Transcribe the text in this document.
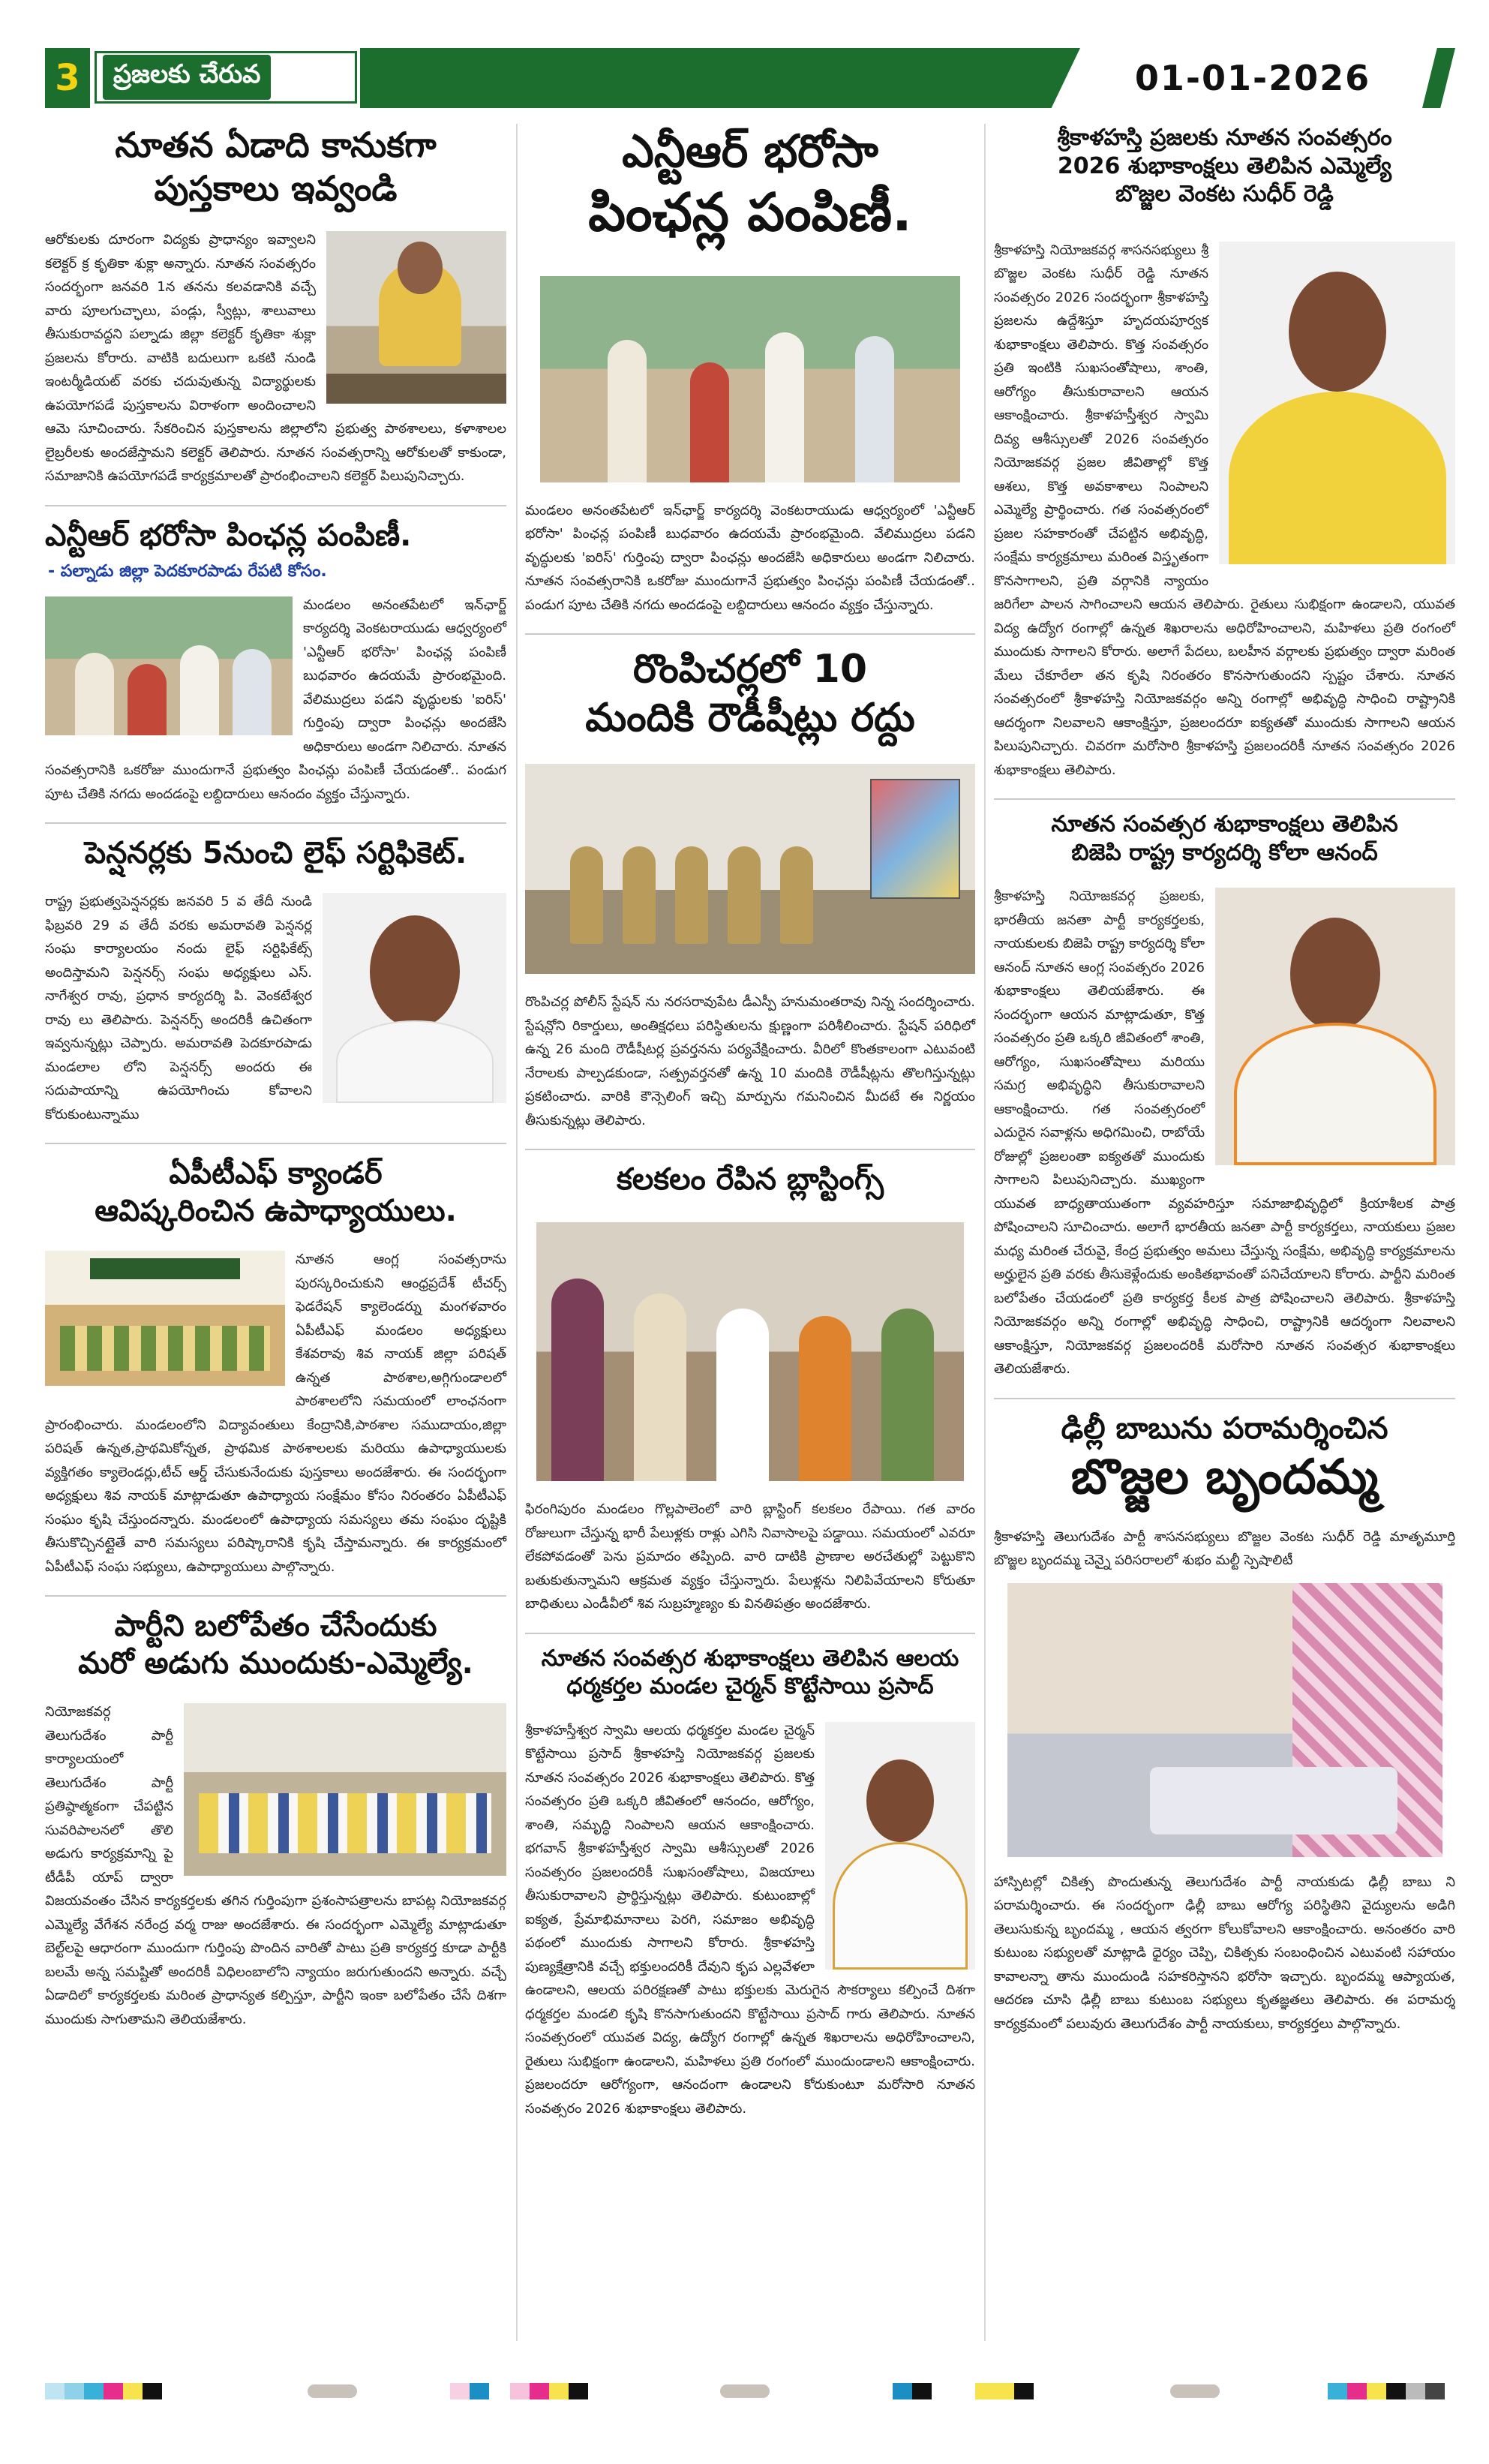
3	ప్రజలకు చేరువ	01-01-2026
నూతన ఏడాది కానుకగా
పుస్తకాలు ఇవ్వండి

ఆరోకులకు దూరంగా విద్యకు ప్రాధాన్యం ఇవ్వాలని కలెక్టర్ క్ర కృతికా శుక్లా అన్నారు. నూతన సంవత్సరం సందర్భంగా జనవరి 1న తనను కలవడానికి వచ్చే వారు పూలగుచ్ఛాలు, పండ్లు, స్వీట్లు, శాలువాలు తీసుకురావద్దని పల్నాడు జిల్లా కలెక్టర్ కృతికా శుక్లా ప్రజలను కోరారు. వాటికి బదులుగా ఒకటి నుండి ఇంటర్మీడియట్ వరకు చదువుతున్న విద్యార్థులకు ఉపయోగపడే పుస్తకాలను విరాళంగా అందించాలని ఆమె సూచించారు. సేకరించిన పుస్తకాలను జిల్లాలోని ప్రభుత్వ పాఠశాలలు, కళాశాలల లైబ్రరీలకు అందజేస్తామని కలెక్టర్ తెలిపారు. నూతన సంవత్సరాన్ని ఆరోకులతో కాకుండా, సమాజానికి ఉపయోగపడే కార్యక్రమాలతో ప్రారంభించాలని కలెక్టర్ పిలుపునిచ్చారు.

ఎన్టీఆర్ భరోసా పింఛన్ల పంపిణీ.
- పల్నాడు జిల్లా పెదకూరపాడు రేపటి కోసం.

మండలం అనంతపేటలో ఇన్‌ఛార్జ్ కార్యదర్శి వెంకటరాయుడు ఆధ్వర్యంలో 'ఎన్టీఆర్ భరోసా' పింఛన్ల పంపిణీ బుధవారం ఉదయమే ప్రారంభమైంది. వేలిముద్రలు పడని వృద్ధులకు 'ఐరిస్' గుర్తింపు ద్వారా పింఛన్లు అందజేసి అధికారులు అండగా నిలిచారు. నూతన సంవత్సరానికి ఒకరోజు ముందుగానే ప్రభుత్వం పింఛన్లు పంపిణీ చేయడంతో.. పండుగ పూట చేతికి నగదు అందడంపై లబ్దిదారులు ఆనందం వ్యక్తం చేస్తున్నారు.

పెన్షనర్లకు 5నుంచి లైఫ్ సర్టిఫికెట్.

రాష్ట్ర ప్రభుత్వపెన్షనర్లకు జనవరి 5 వ తేదీ నుండి ఫిబ్రవరి 29 వ తేదీ వరకు అమరావతి పెన్షనర్ల సంఘ కార్యాలయం నందు లైఫ్ సర్టిఫికేట్స్ అందిస్తామని పెన్షనర్స్ సంఘ అధ్యక్షులు ఎస్. నాగేశ్వర రావు, ప్రధాన కార్యదర్శి పి. వెంకటేశ్వర రావు లు తెలిపారు. పెన్షనర్స్ అందరికీ ఉచితంగా ఇవ్వనున్నట్లు చెప్పారు. అమరావతి పెదకూరపాడు మండలాల లోని పెన్షనర్స్ అందరు ఈ సదుపాయాన్ని ఉపయోగించు కోవాలని కోరుకుంటున్నాము

ఏపీటీఎఫ్ క్యాండర్
ఆవిష్కరించిన ఉపాధ్యాయులు.

నూతన ఆంగ్ల సంవత్సరాను పురస్కరించుకుని ఆంధ్రప్రదేశ్ టీచర్స్ ఫెడరేషన్ క్యాలెండర్ను మంగళవారం ఏపీటీఎఫ్ మండలం అధ్యక్షులు కేశవరావు శివ నాయక్ జిల్లా పరిషత్ ఉన్నత పాఠశాల,అగ్గిగుండాలలో పాఠశాలలోని సమయంలో లాంఛనంగా ప్రారంభించారు. మండలంలోని విద్యావంతులు కేంద్రానికి,పాఠశాల సముదాయం,జిల్లా పరిషత్ ఉన్నత,ప్రాథమికోన్నత, ప్రాథమిక పాఠశాలలకు మరియు ఉపాధ్యాయులకు వ్యక్తిగతం క్యాలెండర్లు,టీచ్ ఆర్డ్ చేసుకునేందుకు పుస్తకాలు అందజేశారు. ఈ సందర్భంగా అధ్యక్షులు శివ నాయక్ మాట్లాడుతూ ఉపాధ్యాయ సంక్షేమం కోసం నిరంతరం ఏపీటీఎఫ్ సంఘం కృషి చేస్తుందన్నారు. మండలంలో ఉపాధ్యాయ సమస్యలు తమ సంఘం దృష్టికి తీసుకొచ్చినట్లైతే వారి సమస్యలు పరిష్కారానికి కృషి చేస్తామన్నారు. ఈ కార్యక్రమంలో ఏపీటీఎఫ్ సంఘ సభ్యులు, ఉపాధ్యాయులు పాల్గొన్నారు.

పార్టీని బలోపేతం చేసేందుకు
మరో అడుగు ముందుకు-ఎమ్మెల్యే.

నియోజకవర్గ తెలుగుదేశం పార్టీ కార్యాలయంలో తెలుగుదేశం పార్టీ ప్రతిష్ఠాత్మకంగా చేపట్టిన సువరిపాలనలో తొలి అడుగు కార్యక్రమాన్ని పై టీడీపీ యాప్ ద్వారా విజయవంతం చేసిన కార్యకర్తలకు తగిన గుర్తింపుగా ప్రశంసాపత్రాలను బాపట్ల నియోజకవర్గ ఎమ్మెల్యే వేగేశన నరేంద్ర వర్మ రాజు అందజేశారు. ఈ సందర్భంగా ఎమ్మెల్యే మాట్లాడుతూ బెల్ట్‌లపై ఆధారంగా ముందుగా గుర్తింపు పొందిన వారితో పాటు ప్రతి కార్యకర్త కూడా పార్టీకి బలమే అన్న సమష్టితో అందరికీ విధిలంబాలోని న్యాయం జరుగుతుందని అన్నారు. వచ్చే ఏడాదిలో కార్యకర్తలకు మరింత ప్రాధాన్యత కల్పిస్తూ, పార్టీని ఇంకా బలోపేతం చేసే దిశగా ముందుకు సాగుతామని తెలియజేశారు.

ఎన్టీఆర్ భరోసా
పింఛన్ల పంపిణీ.

మండలం అనంతపేటలో ఇన్‌ఛార్జ్ కార్యదర్శి వెంకటరాయుడు ఆధ్వర్యంలో 'ఎన్టీఆర్ భరోసా' పింఛన్ల పంపిణీ బుధవారం ఉదయమే ప్రారంభమైంది. వేలిముద్రలు పడని వృద్ధులకు 'ఐరిస్' గుర్తింపు ద్వారా పింఛన్లు అందజేసి అధికారులు అండగా నిలిచారు. నూతన సంవత్సరానికి ఒకరోజు ముందుగానే ప్రభుత్వం పింఛన్లు పంపిణీ చేయడంతో.. పండుగ పూట చేతికి నగదు అందడంపై లబ్దిదారులు ఆనందం వ్యక్తం చేస్తున్నారు.

రొంపిచర్లలో 10
మందికి రౌడీషీట్లు రద్దు

రొంపిచర్ల పోలీస్ స్టేషన్ ను నరసరావుపేట డీఎస్పీ హనుమంతరావు నిన్న సందర్శించారు. స్టేషన్లోని రికార్డులు, అంతిక్షధలు పరిస్థితులను క్షుణ్ణంగా పరిశీలించారు. స్టేషన్ పరిధిలో ఉన్న 26 మంది రౌడీషీటర్ల ప్రవర్తనను పర్యవేక్షించారు. వీరిలో కొంతకాలంగా ఎటువంటి నేరాలకు పాల్పడకుండా, సత్ప్రవర్తనతో ఉన్న 10 మందికి రౌడీషీట్లను తొలగిస్తున్నట్లు ప్రకటించారు. వారికి కౌన్సెలింగ్ ఇచ్చి మార్పును గమనించిన మీదటే ఈ నిర్ణయం తీసుకున్నట్లు తెలిపారు.

కలకలం రేపిన బ్లాస్టింగ్స్

ఫిరంగిపురం మండలం గొల్లపాలెంలో వారి బ్లాస్టింగ్ కలకలం రేపాయి. గత వారం రోజులుగా చేస్తున్న భారీ పేలుళ్లకు రాళ్లు ఎగిసి నివాసాలపై పడ్డాయి. సమయంలో ఎవరూ లేకపోవడంతో పెను ప్రమాదం తప్పింది. వారి దాటికి ప్రాణాల అరచేతుల్లో పెట్టుకొని బతుకుతున్నామని ఆక్రమత వ్యక్తం చేస్తున్నారు. పేలుళ్లను నిలిపివేయాలని కోరుతూ బాధితులు ఎండీవీలో శివ సుబ్రహ్మణ్యం కు వినతిపత్రం అందజేశారు.

నూతన సంవత్సర శుభాకాంక్షలు తెలిపిన ఆలయ
ధర్మకర్తల మండల చైర్మన్ కొట్టేసాయి ప్రసాద్

శ్రీకాళహస్తీశ్వర స్వామి ఆలయ ధర్మకర్తల మండల చైర్మన్ కొట్టేసాయి ప్రసాద్ శ్రీకాళహస్తి నియోజకవర్గ ప్రజలకు నూతన సంవత్సరం 2026 శుభాకాంక్షలు తెలిపారు. కొత్త సంవత్సరం ప్రతి ఒక్కరి జీవితంలో ఆనందం, ఆరోగ్యం, శాంతి, సమృద్ధి నింపాలని ఆయన ఆకాంక్షించారు. భగవాన్ శ్రీకాళహస్తీశ్వర స్వామి ఆశీస్సులతో 2026 సంవత్సరం ప్రజలందరికీ సుఖసంతోషాలు, విజయాలు తీసుకురావాలని ప్రార్థిస్తున్నట్లు తెలిపారు. కుటుంబాల్లో ఐక్యత, ప్రేమాభిమానాలు పెరగి, సమాజం అభివృద్ధి పథంలో ముందుకు సాగాలని కోరారు. శ్రీకాళహస్తి పుణ్యక్షేత్రానికి వచ్చే భక్తులందరికీ దేవుని కృప ఎల్లవేళలా ఉండాలని, ఆలయ పరిరక్షణతో పాటు భక్తులకు మెరుగైన సౌకర్యాలు కల్పించే దిశగా ధర్మకర్తల మండలి కృషి కొనసాగుతుందని కొట్టేసాయి ప్రసాద్ గారు తెలిపారు. నూతన సంవత్సరంలో యువత విద్య, ఉద్యోగ రంగాల్లో ఉన్నత శిఖరాలను అధిరోహించాలని, రైతులు సుభిక్షంగా ఉండాలని, మహిళలు ప్రతి రంగంలో ముందుండాలని ఆకాంక్షించారు. ప్రజలందరూ ఆరోగ్యంగా, ఆనందంగా ఉండాలని కోరుకుంటూ మరోసారి నూతన సంవత్సరం 2026 శుభాకాంక్షలు తెలిపారు.

శ్రీకాళహస్తి ప్రజలకు నూతన సంవత్సరం
2026 శుభాకాంక్షలు తెలిపిన ఎమ్మెల్యే
బొజ్జల వెంకట సుధీర్ రెడ్డి

శ్రీకాళహస్తి నియోజకవర్గ శాసనసభ్యులు శ్రీ బొజ్జల వెంకట సుధీర్ రెడ్డి నూతన సంవత్సరం 2026 సందర్భంగా శ్రీకాళహస్తి ప్రజలను ఉద్దేశిస్తూ హృదయపూర్వక శుభాకాంక్షలు తెలిపారు. కొత్త సంవత్సరం ప్రతి ఇంటికి సుఖసంతోషాలు, శాంతి, ఆరోగ్యం తీసుకురావాలని ఆయన ఆకాంక్షించారు. శ్రీకాళహస్తీశ్వర స్వామి దివ్య ఆశీస్సులతో 2026 సంవత్సరం నియోజకవర్గ ప్రజల జీవితాల్లో కొత్త ఆశలు, కొత్త అవకాశాలు నింపాలని ఎమ్మెల్యే ప్రార్థించారు. గత సంవత్సరంలో ప్రజల సహకారంతో చేపట్టిన అభివృద్ధి, సంక్షేమ కార్యక్రమాలు మరింత విస్తృతంగా కొనసాగాలని, ప్రతి వర్గానికి న్యాయం జరిగేలా పాలన సాగించాలని ఆయన తెలిపారు. రైతులు సుభిక్షంగా ఉండాలని, యువత విద్య ఉద్యోగ రంగాల్లో ఉన్నత శిఖరాలను అధిరోహించాలని, మహిళలు ప్రతి రంగంలో ముందుకు సాగాలని కోరారు. అలాగే పేదలు, బలహీన వర్గాలకు ప్రభుత్వం ద్వారా మరింత మేలు చేకూరేలా తన కృషి నిరంతరం కొనసాగుతుందని స్పష్టం చేశారు. నూతన సంవత్సరంలో శ్రీకాళహస్తి నియోజకవర్గం అన్ని రంగాల్లో అభివృద్ధి సాధించి రాష్ట్రానికి ఆదర్శంగా నిలవాలని ఆకాంక్షిస్తూ, ప్రజలందరూ ఐక్యతతో ముందుకు సాగాలని ఆయన పిలుపునిచ్చారు. చివరగా మరోసారి శ్రీకాళహస్తి ప్రజలందరికీ నూతన సంవత్సరం 2026 శుభాకాంక్షలు తెలిపారు.

నూతన సంవత్సర శుభాకాంక్షలు తెలిపిన
బిజెపి రాష్ట్ర కార్యదర్శి కోలా ఆనంద్

శ్రీకాళహస్తి నియోజకవర్గ ప్రజలకు, భారతీయ జనతా పార్టీ కార్యకర్తలకు, నాయకులకు బిజెపి రాష్ట్ర కార్యదర్శి కోలా ఆనంద్ నూతన ఆంగ్ల సంవత్సరం 2026 శుభాకాంక్షలు తెలియజేశారు. ఈ సందర్భంగా ఆయన మాట్లాడుతూ, కొత్త సంవత్సరం ప్రతి ఒక్కరి జీవితంలో శాంతి, ఆరోగ్యం, సుఖసంతోషాలు మరియు సమగ్ర అభివృద్ధిని తీసుకురావాలని ఆకాంక్షించారు. గత సంవత్సరంలో ఎదురైన సవాళ్లను అధిగమించి, రాబోయే రోజుల్లో ప్రజలంతా ఐక్యతతో ముందుకు సాగాలని పిలుపునిచ్చారు. ముఖ్యంగా యువత బాధ్యతాయుతంగా వ్యవహరిస్తూ సమాజాభివృద్ధిలో క్రియాశీలక పాత్ర పోషించాలని సూచించారు. అలాగే భారతీయ జనతా పార్టీ కార్యకర్తలు, నాయకులు ప్రజల మధ్య మరింత చేరువై, కేంద్ర ప్రభుత్వం అమలు చేస్తున్న సంక్షేమ, అభివృద్ధి కార్యక్రమాలను అర్హులైన ప్రతి వరకు తీసుకెళ్లేందుకు అంకితభావంతో పనిచేయాలని కోరారు. పార్టీని మరింత బలోపేతం చేయడంలో ప్రతి కార్యకర్త కీలక పాత్ర పోషించాలని తెలిపారు. శ్రీకాళహస్తి నియోజకవర్గం అన్ని రంగాల్లో అభివృద్ధి సాధించి, రాష్ట్రానికి ఆదర్శంగా నిలవాలని ఆకాంక్షిస్తూ, నియోజకవర్గ ప్రజలందరికీ మరోసారి నూతన సంవత్సర శుభాకాంక్షలు తెలియజేశారు.

ఢిల్లీ బాబును పరామర్శించిన
బొజ్జల బృందమ్మ

శ్రీకాళహస్తి తెలుగుదేశం పార్టీ శాసనసభ్యులు బొజ్జల వెంకట సుధీర్ రెడ్డి మాతృమూర్తి బొజ్జల బృందమ్మ చెన్నై పరిసరాలలో శుభం మల్టీ స్పెషాలిటీ

హాస్పిటల్లో చికిత్స పొందుతున్న తెలుగుదేశం పార్టీ నాయకుడు ఢిల్లీ బాబు ని పరామర్శించారు. ఈ సందర్భంగా ఢిల్లీ బాబు ఆరోగ్య పరిస్థితిని వైద్యులను అడిగి తెలుసుకున్న బృందమ్మ , ఆయన త్వరగా కోలుకోవాలని ఆకాంక్షించారు. అనంతరం వారి కుటుంబ సభ్యులతో మాట్లాడి ధైర్యం చెప్పి, చికిత్సకు సంబంధించిన ఎటువంటి సహాయం కావాలన్నా తాను ముందుండి సహకరిస్తానని భరోసా ఇచ్చారు. బృందమ్మ ఆప్యాయత, ఆదరణ చూసి ఢిల్లీ బాబు కుటుంబ సభ్యులు కృతజ్ఞతలు తెలిపారు. ఈ పరామర్శ కార్యక్రమంలో పలువురు తెలుగుదేశం పార్టీ నాయకులు, కార్యకర్తలు పాల్గొన్నారు.
